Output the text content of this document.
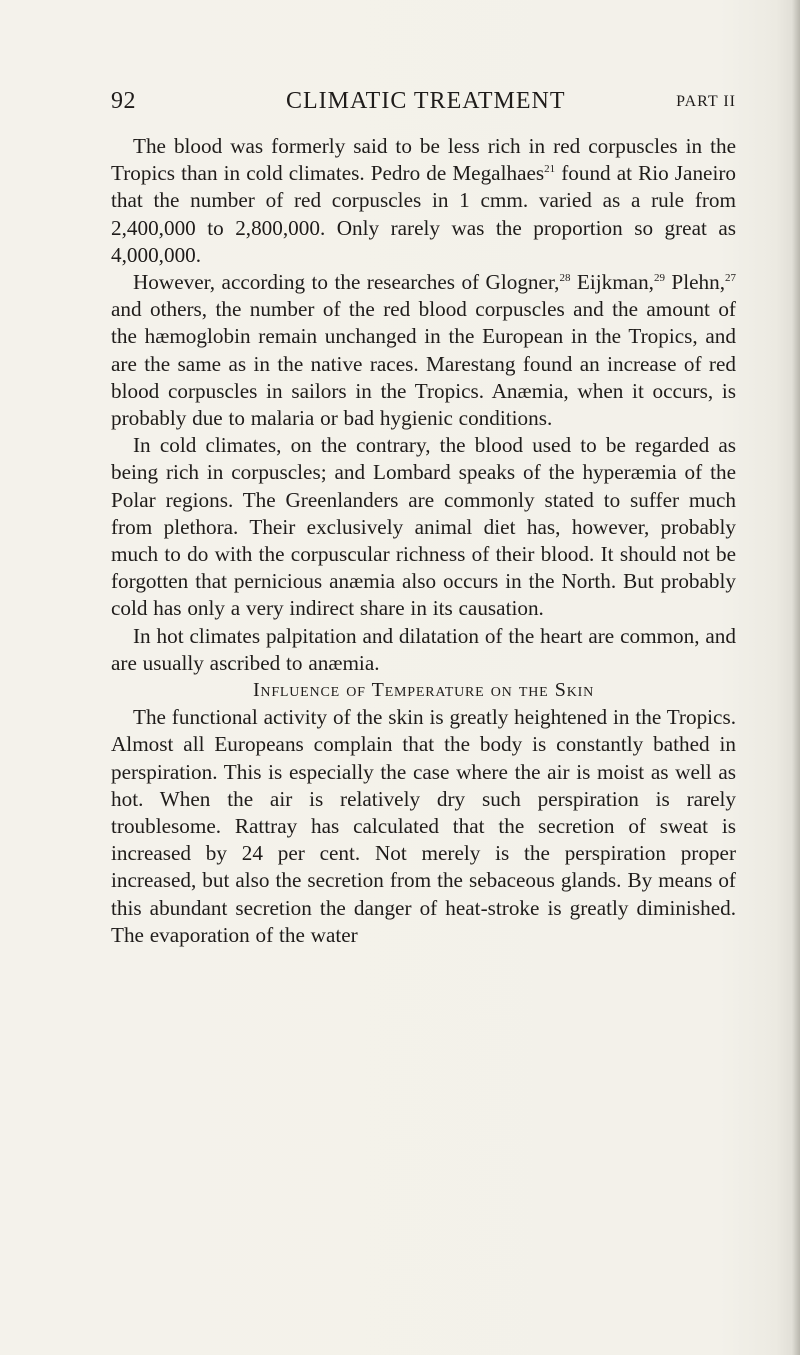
92	CLIMATIC TREATMENT	PART II

The blood was formerly said to be less rich in red corpuscles in the Tropics than in cold climates. Pedro de Megalhaes$^{21}$ found at Rio Janeiro that the number of red corpuscles in 1 cmm. varied as a rule from 2,400,000 to 2,800,000. Only rarely was the proportion so great as 4,000,000.

However, according to the researches of Glogner,$^{28}$ Eijkman,$^{29}$ Plehn,$^{27}$ and others, the number of the red blood corpuscles and the amount of the hæmoglobin remain unchanged in the European in the Tropics, and are the same as in the native races. Marestang found an increase of red blood corpuscles in sailors in the Tropics. Anæmia, when it occurs, is probably due to malaria or bad hygienic conditions.

In cold climates, on the contrary, the blood used to be regarded as being rich in corpuscles; and Lombard speaks of the hyperæmia of the Polar regions. The Greenlanders are commonly stated to suffer much from plethora. Their exclusively animal diet has, however, probably much to do with the corpuscular richness of their blood. It should not be forgotten that pernicious anæmia also occurs in the North. But probably cold has only a very indirect share in its causation.

In hot climates palpitation and dilatation of the heart are common, and are usually ascribed to anæmia.

Influence of Temperature on the Skin

The functional activity of the skin is greatly heightened in the Tropics. Almost all Europeans complain that the body is constantly bathed in perspiration. This is especially the case where the air is moist as well as hot. When the air is relatively dry such perspiration is rarely troublesome. Rattray has calculated that the secretion of sweat is increased by 24 per cent. Not merely is the perspiration proper increased, but also the secretion from the sebaceous glands. By means of this abundant secretion the danger of heat-stroke is greatly diminished. The evaporation of the water
